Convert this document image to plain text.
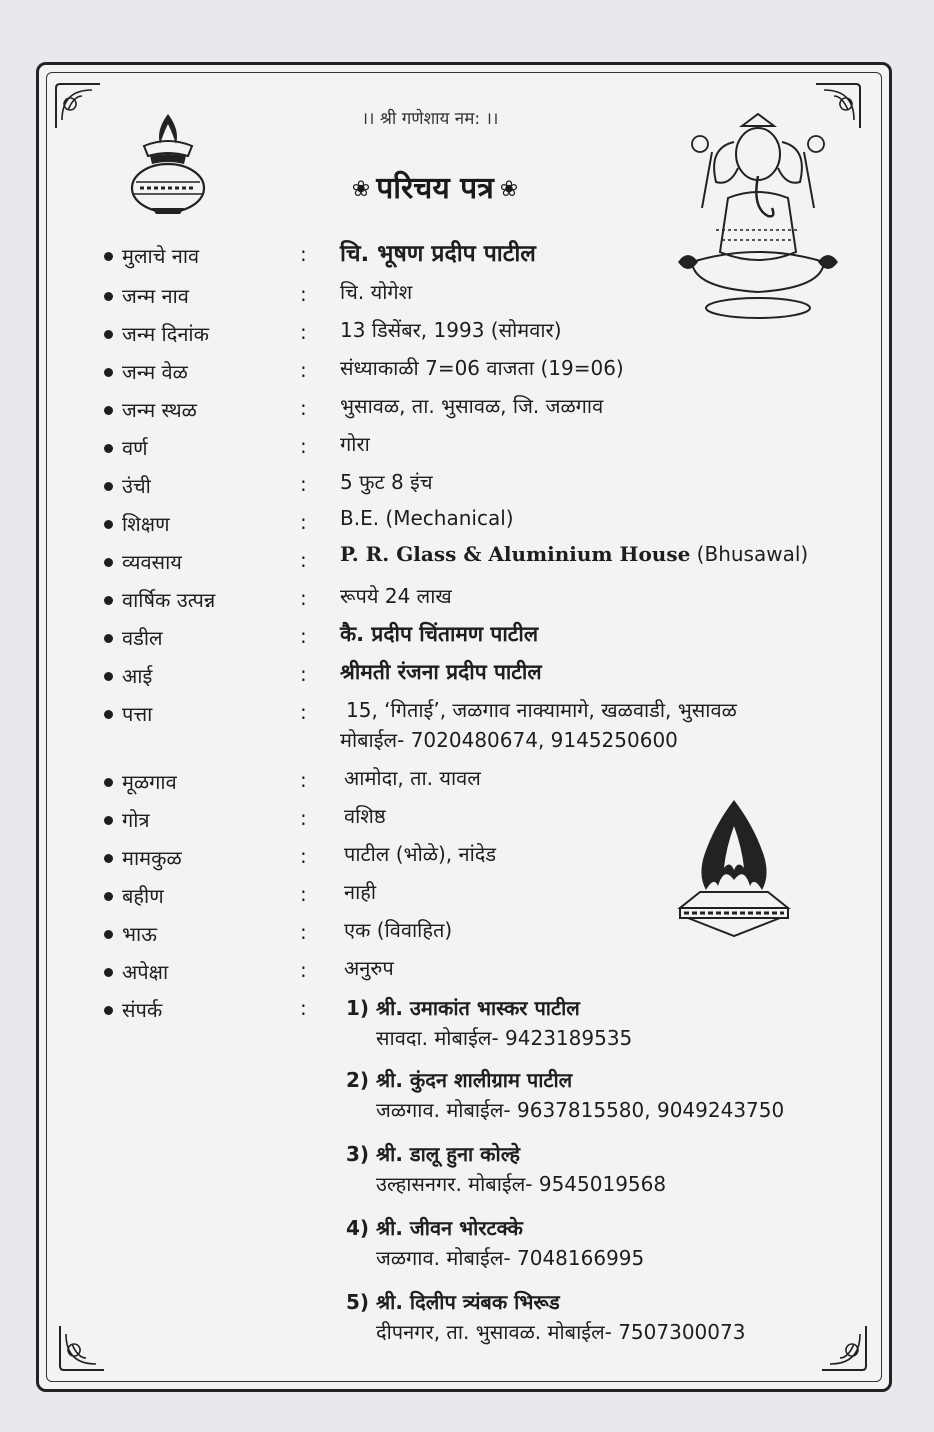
।। श्री गणेशाय नम: ।।
❀ परिचय पत्र ❀
मुलाचे नाव	: चि. भूषण प्रदीप पाटील
जन्म नाव	: चि. योगेश
जन्म दिनांक	: 13 डिसेंबर, 1993 (सोमवार)
जन्म वेळ	: संध्याकाळी 7=06 वाजता (19=06)
जन्म स्थळ	: भुसावळ, ता. भुसावळ, जि. जळगाव
वर्ण	: गोरा
उंची	: 5 फुट 8 इंच
शिक्षण	: B.E. (Mechanical)
व्यवसाय	: P. R. Glass & Aluminium House (Bhusawal)
वार्षिक उत्पन्न	: रूपये 24 लाख
वडील	: कै. प्रदीप चिंतामण पाटील
आई	: श्रीमती रंजना प्रदीप पाटील
पत्ता	: 15, ‘गिताई’, जळगाव नाक्यामागे, खळवाडी, भुसावळ
मोबाईल- 7020480674, 9145250600
मूळगाव	: आमोदा, ता. यावल
गोत्र	: वशिष्ठ
मामकुळ	: पाटील (भोळे), नांदेड
बहीण	: नाही
भाऊ	: एक (विवाहित)
अपेक्षा	: अनुरुप
संपर्क	: 1) श्री. उमाकांत भास्कर पाटील
सावदा. मोबाईल- 9423189535
2) श्री. कुंदन शालीग्राम पाटील
जळगाव. मोबाईल- 9637815580, 9049243750
3) श्री. डालू हुना कोल्हे
उल्हासनगर. मोबाईल- 9545019568
4) श्री. जीवन भोरटक्के
जळगाव. मोबाईल- 7048166995
5) श्री. दिलीप त्र्यंबक भिरूड
दीपनगर, ता. भुसावळ. मोबाईल- 7507300073
